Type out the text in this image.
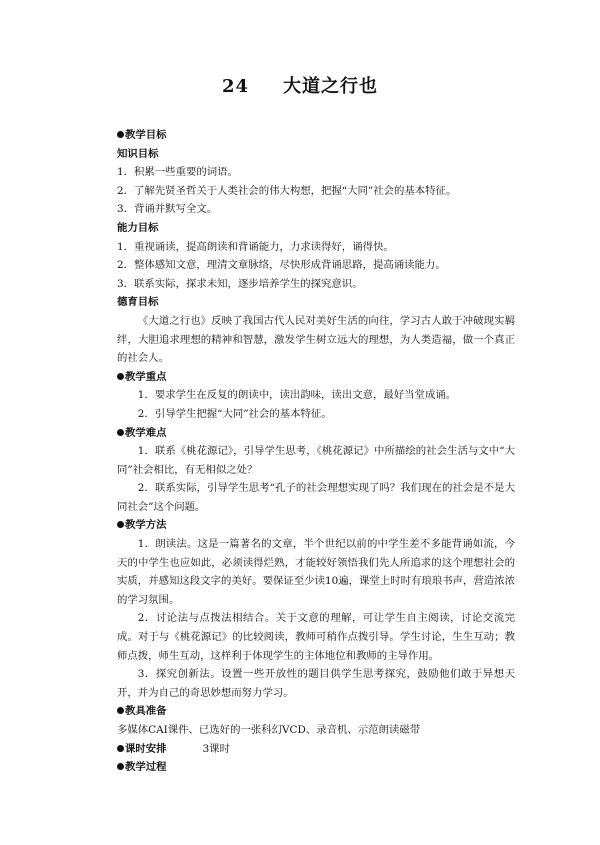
24 大道之行也
教学目标
知识目标
1．积累一些重要的词语。
2．了解先贤圣哲关于人类社会的伟大构想，把握“大同”社会的基本特征。
3．背诵并默写全文。
能力目标
1．重视诵读，提高朗读和背诵能力，力求读得好，诵得快。
2．整体感知文意，理清文章脉络，尽快形成背诵思路，提高诵读能力。
3．联系实际，探求未知，逐步培养学生的探究意识。
德育目标
《大道之行也》反映了我国古代人民对美好生活的向往，学习古人敢于冲破现实羁绊，大胆追求理想的精神和智慧，激发学生树立远大的理想，为人类造福，做一个真正的社会人。
教学重点
1．要求学生在反复的朗读中，读出韵味，读出文意，最好当堂成诵。
2．引导学生把握“大同”社会的基本特征。
教学难点
1．联系《桃花源记》，引导学生思考，《桃花源记》中所描绘的社会生活与文中“大同”社会相比，有无相似之处？
2．联系实际，引导学生思考“孔子的社会理想实现了吗？我们现在的社会是不是大同社会”这个问题。
教学方法
1．朗读法。这是一篇著名的文章，半个世纪以前的中学生差不多能背诵如流，今天的中学生也应如此，必须读得烂熟，才能较好领悟我们先人所追求的这个理想社会的实质，并感知这段文字的美好。要保证至少读10遍，课堂上时时有琅琅书声，营造浓浓的学习氛围。
2．讨论法与点拨法相结合。关于文意的理解，可让学生自主阅读，讨论交流完成。对于与《桃花源记》的比较阅读，教师可稍作点拨引导。学生讨论，生生互动；教师点拨，师生互动，这样利于体现学生的主体地位和教师的主导作用。
3．探究创新法。设置一些开放性的题目供学生思考探究，鼓励他们敢于异想天开，并为自己的奇思妙想而努力学习。
教具准备
多媒体CAI课件、已选好的一张科幻VCD、录音机、示范朗读磁带
课时安排	3课时
教学过程
